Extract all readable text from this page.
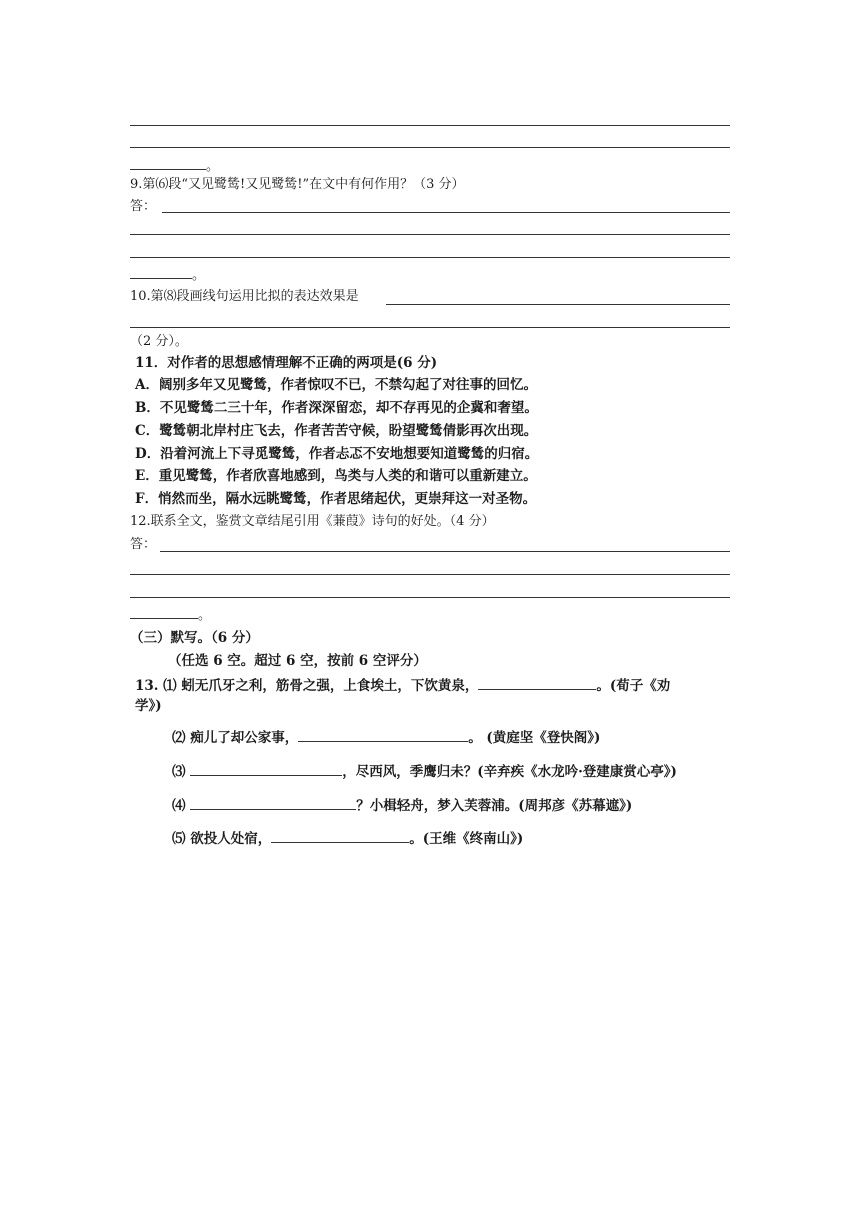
。
9.第⑹段“又见鹭鸶!又见鹭鸶!”在文中有何作用？（3 分）
答：
。
10.第⑻段画线句运用比拟的表达效果是
（2 分）。
11．对作者的思想感情理解不正确的两项是(6 分)
A．阔别多年又见鹭鸶，作者惊叹不已，不禁勾起了对往事的回忆。
B．不见鹭鸶二三十年，作者深深留恋，却不存再见的企冀和奢望。
C．鹭鸶朝北岸村庄飞去，作者苦苦守候，盼望鹭鸶倩影再次出现。
D．沿着河流上下寻觅鹭鸶，作者忐忑不安地想要知道鹭鸶的归宿。
E．重见鹭鸶，作者欣喜地感到，鸟类与人类的和谐可以重新建立。
F．悄然而坐，隔水远眺鹭鸶，作者思绪起伏，更崇拜这一对圣物。
12.联系全文，鉴赏文章结尾引用《蒹葭》诗句的好处。（4 分）
答：
。
（三）默写。（6 分）
（任选 6 空。超过 6 空，按前 6 空评分）
13. ⑴ 蚓无爪牙之利，筋骨之强，上食埃土，下饮黄泉，	。(荀子《劝
学》)
⑵ 痴儿了却公家事，	。 (黄庭坚《登快阁》)
⑶	，尽西风，季鹰归未？(辛弃疾《水龙吟·登建康赏心亭》)
⑷	？小楫轻舟，梦入芙蓉浦。(周邦彦《苏幕遮》)
⑸ 欲投人处宿，	。(王维《终南山》)
